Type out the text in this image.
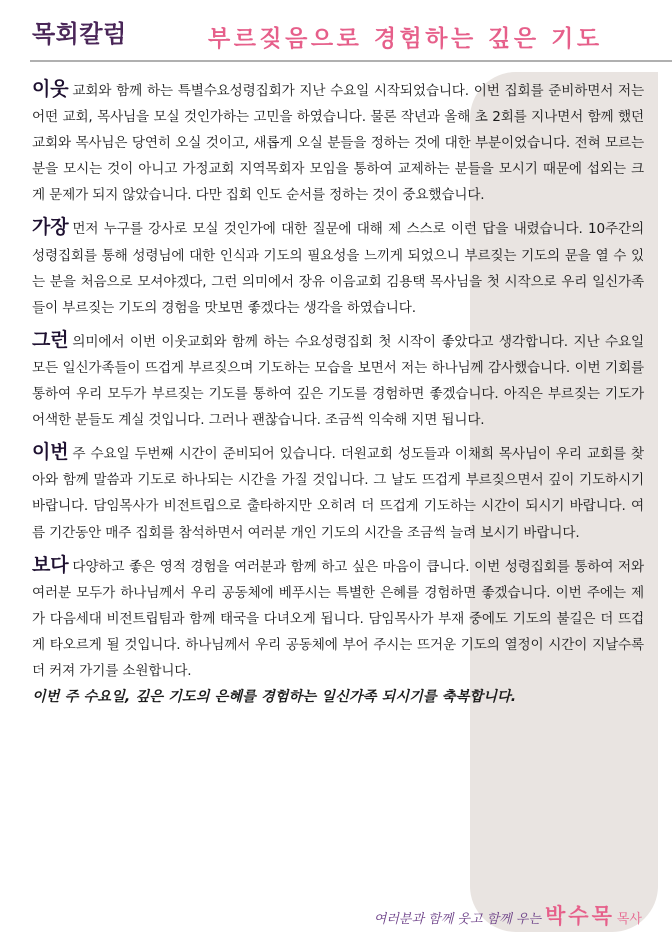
목회칼럼	부르짖음으로 경험하는 깊은 기도

이웃 교회와 함께 하는 특별수요성령집회가 지난 수요일 시작되었습니다. 이번 집회를 준비하면서 저는 어떤 교회, 목사님을 모실 것인가하는 고민을 하였습니다. 물론 작년과 올해 초 2회를 지나면서 함께 했던 교회와 목사님은 당연히 오실 것이고, 새롭게 오실 분들을 정하는 것에 대한 부분이었습니다. 전혀 모르는 분을 모시는 것이 아니고 가정교회 지역목회자 모임을 통하여 교제하는 분들을 모시기 때문에 섭외는 크게 문제가 되지 않았습니다. 다만 집회 인도 순서를 정하는 것이 중요했습니다.

가장 먼저 누구를 강사로 모실 것인가에 대한 질문에 대해 제 스스로 이런 답을 내렸습니다. 10주간의 성령집회를 통해 성령님에 대한 인식과 기도의 필요성을 느끼게 되었으니 부르짖는 기도의 문을 열 수 있는 분을 처음으로 모셔야겠다, 그런 의미에서 장유 이음교회 김용택 목사님을 첫 시작으로 우리 일신가족들이 부르짖는 기도의 경험을 맛보면 좋겠다는 생각을 하였습니다.

그런 의미에서 이번 이웃교회와 함께 하는 수요성령집회 첫 시작이 좋았다고 생각합니다. 지난 수요일 모든 일신가족들이 뜨겁게 부르짖으며 기도하는 모습을 보면서 저는 하나님께 감사했습니다. 이번 기회를 통하여 우리 모두가 부르짖는 기도를 통하여 깊은 기도를 경험하면 좋겠습니다. 아직은 부르짖는 기도가 어색한 분들도 계실 것입니다. 그러나 괜찮습니다. 조금씩 익숙해 지면 됩니다.

이번 주 수요일 두번째 시간이 준비되어 있습니다. 더원교회 성도들과 이채희 목사님이 우리 교회를 찾아와 함께 말씀과 기도로 하나되는 시간을 가질 것입니다. 그 날도 뜨겁게 부르짖으면서 깊이 기도하시기 바랍니다. 담임목사가 비전트립으로 출타하지만 오히려 더 뜨겁게 기도하는 시간이 되시기 바랍니다. 여름 기간동안 매주 집회를 참석하면서 여러분 개인 기도의 시간을 조금씩 늘려 보시기 바랍니다.

보다 다양하고 좋은 영적 경험을 여러분과 함께 하고 싶은 마음이 큽니다. 이번 성령집회를 통하여 저와 여러분 모두가 하나님께서 우리 공동체에 베푸시는 특별한 은혜를 경험하면 좋겠습니다. 이번 주에는 제가 다음세대 비전트립팀과 함께 태국을 다녀오게 됩니다. 담임목사가 부재 중에도 기도의 불길은 더 뜨겁게 타오르게 될 것입니다. 하나님께서 우리 공동체에 부어 주시는 뜨거운 기도의 열정이 시간이 지날수록 더 커져 가기를 소원합니다.

이번 주 수요일, 깊은 기도의 은혜를 경험하는 일신가족 되시기를 축복합니다.

여러분과 함께 웃고 함께 우는 박수목 목사
